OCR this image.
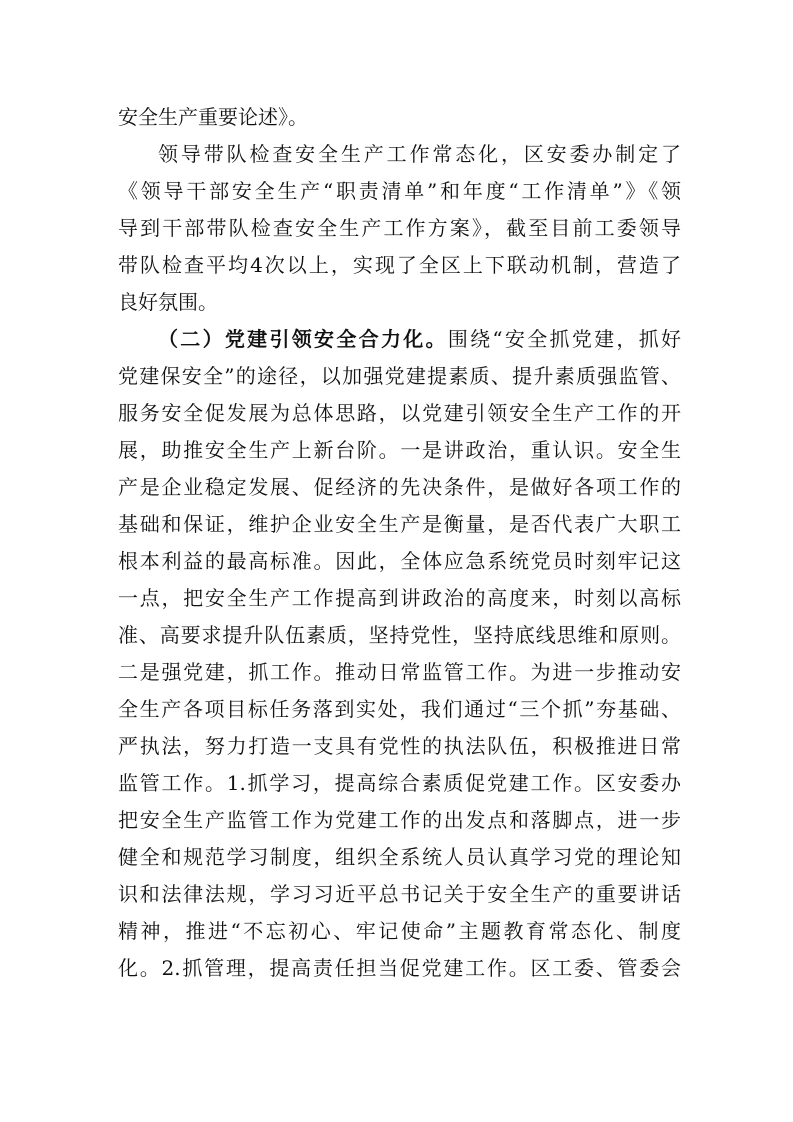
安全生产重要论述》。
领导带队检查安全生产工作常态化，区安委办制定了
《领导干部安全生产“职责清单”和年度“工作清单”》《领
导到干部带队检查安全生产工作方案》，截至目前工委领导
带队检查平均4次以上，实现了全区上下联动机制，营造了
良好氛围。
（二）党建引领安全合力化。围绕“安全抓党建，抓好
党建保安全”的途径，以加强党建提素质、提升素质强监管、
服务安全促发展为总体思路，以党建引领安全生产工作的开
展，助推安全生产上新台阶。一是讲政治，重认识。安全生
产是企业稳定发展、促经济的先决条件，是做好各项工作的
基础和保证，维护企业安全生产是衡量，是否代表广大职工
根本利益的最高标准。因此，全体应急系统党员时刻牢记这
一点，把安全生产工作提高到讲政治的高度来，时刻以高标
准、高要求提升队伍素质，坚持党性，坚持底线思维和原则。
二是强党建，抓工作。推动日常监管工作。为进一步推动安
全生产各项目标任务落到实处，我们通过“三个抓”夯基础、
严执法，努力打造一支具有党性的执法队伍，积极推进日常
监管工作。1.抓学习，提高综合素质促党建工作。区安委办
把安全生产监管工作为党建工作的出发点和落脚点，进一步
健全和规范学习制度，组织全系统人员认真学习党的理论知
识和法律法规，学习习近平总书记关于安全生产的重要讲话
精神，推进“不忘初心、牢记使命”主题教育常态化、制度
化。2.抓管理，提高责任担当促党建工作。区工委、管委会
